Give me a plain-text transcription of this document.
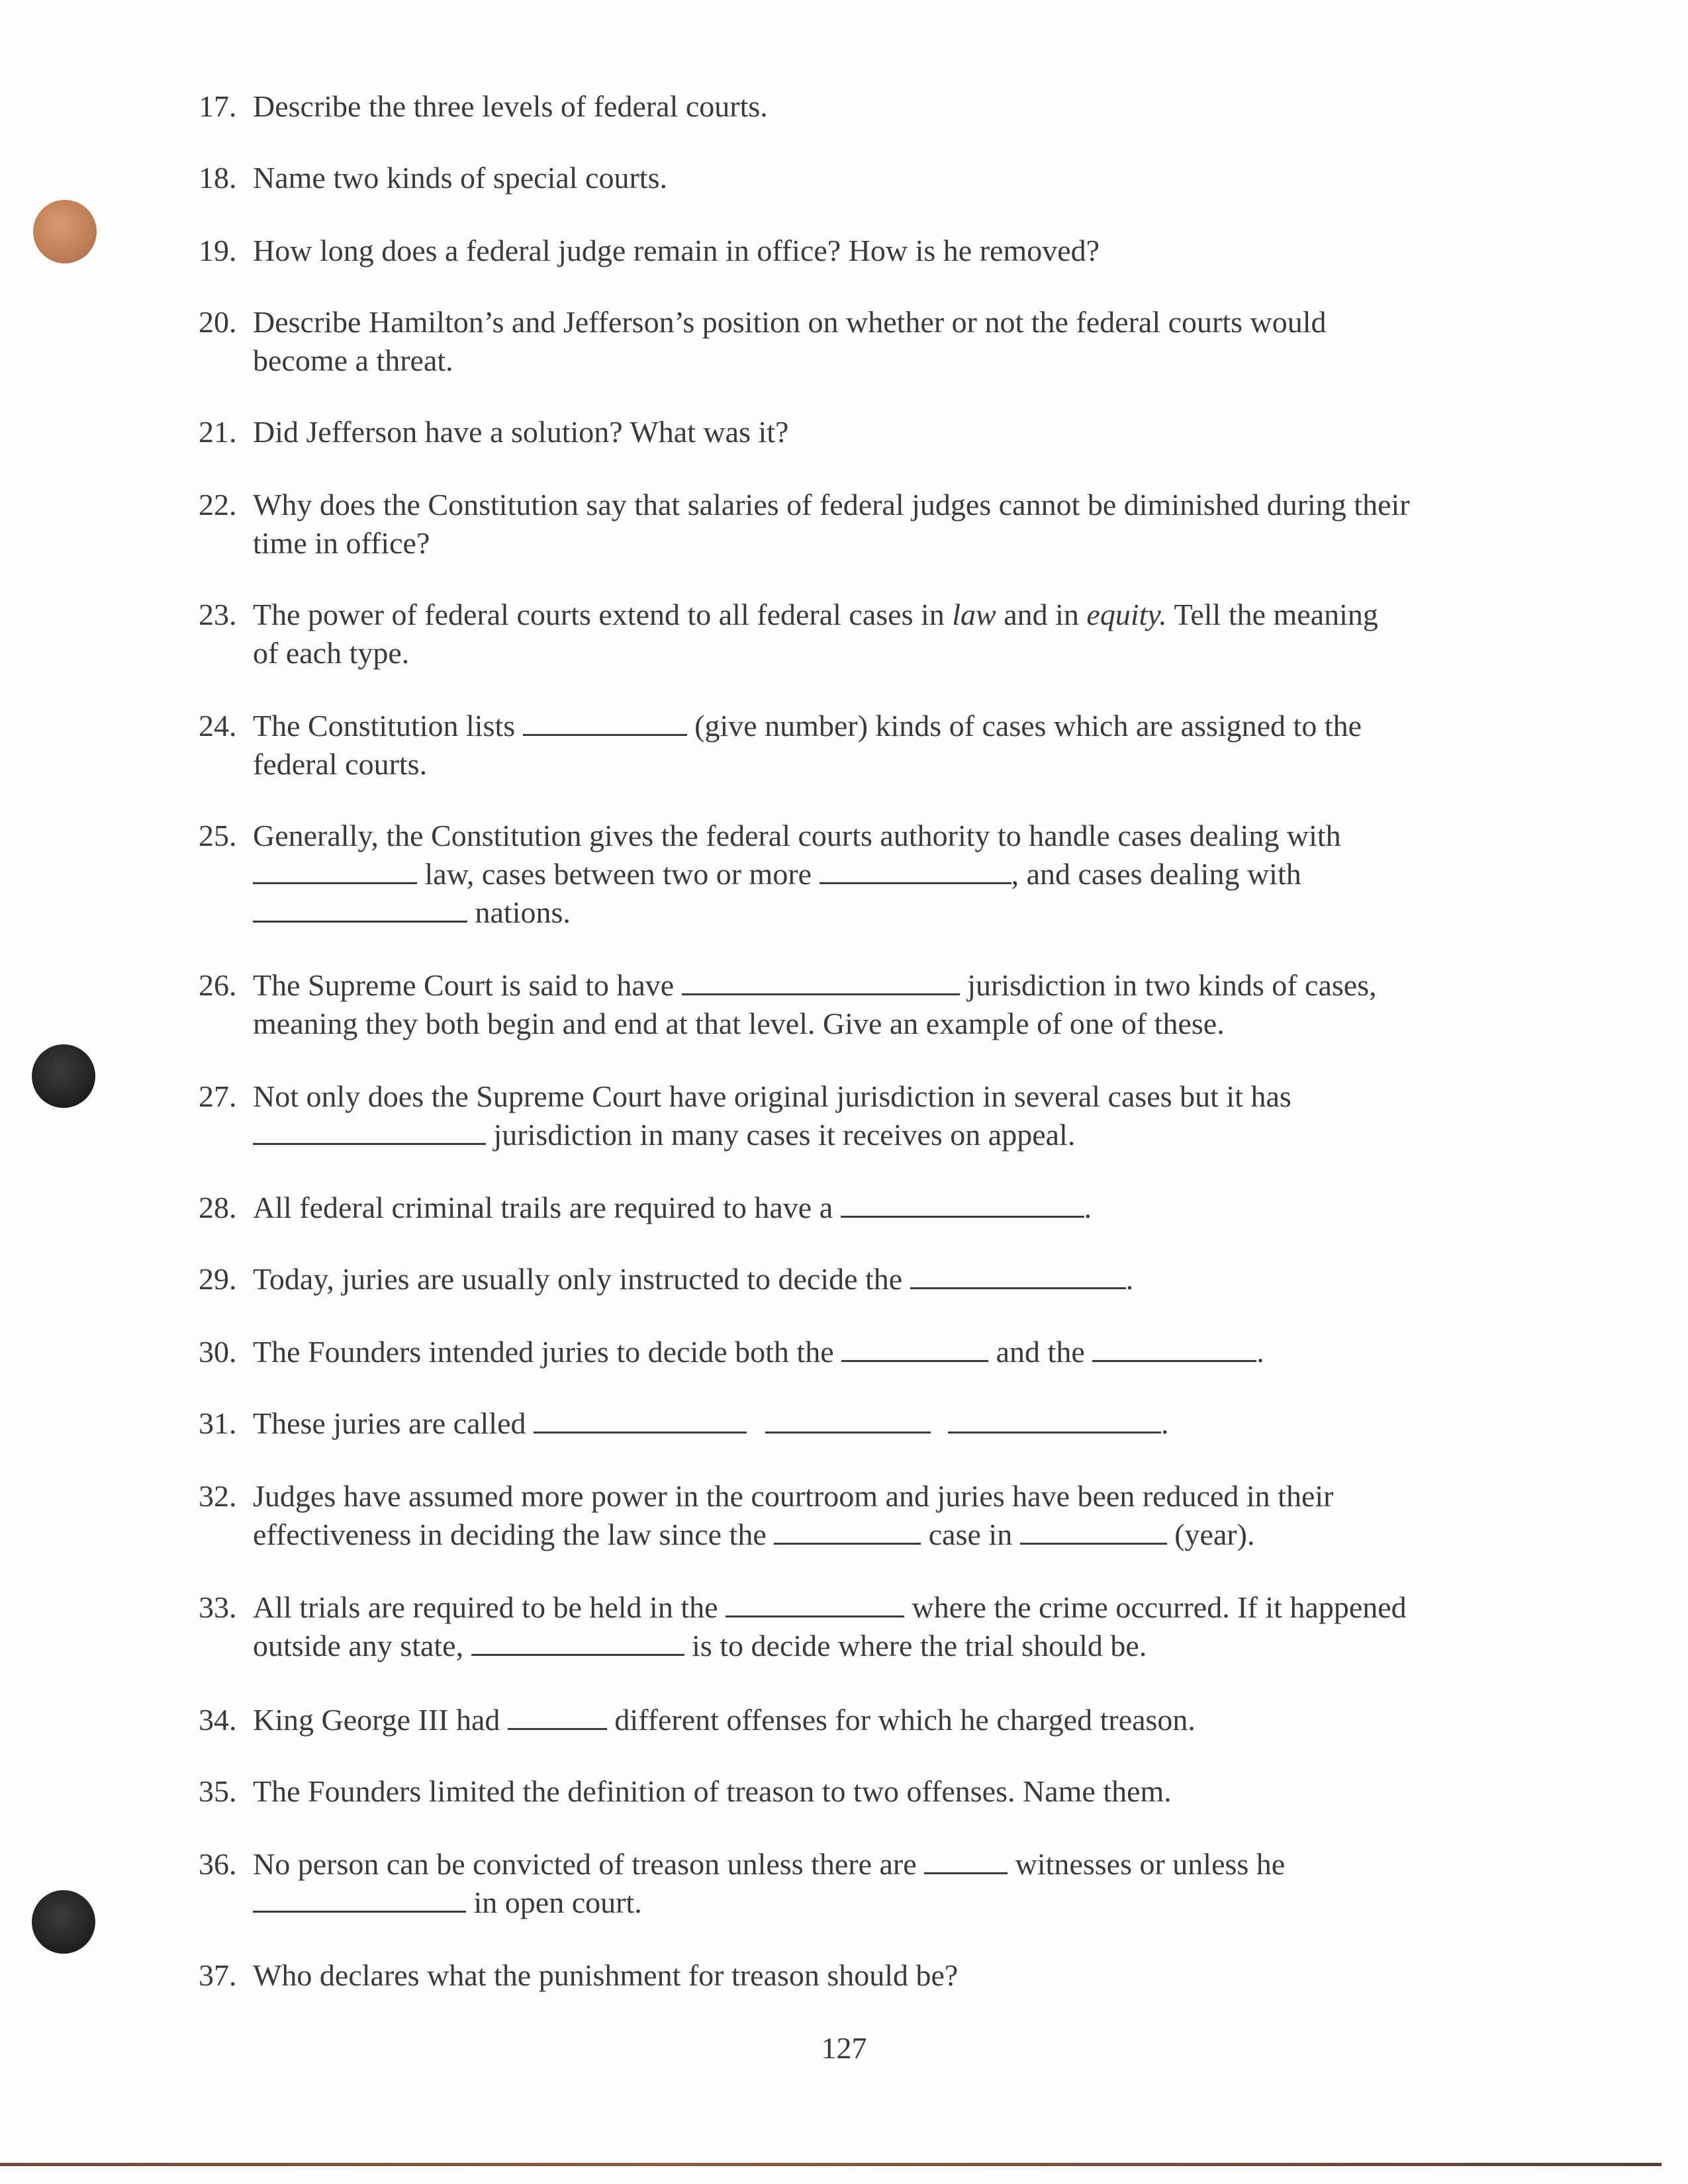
17. Describe the three levels of federal courts.
18. Name two kinds of special courts.
19. How long does a federal judge remain in office? How is he removed?
20. Describe Hamilton’s and Jefferson’s position on whether or not the federal courts would
become a threat.
21. Did Jefferson have a solution? What was it?
22. Why does the Constitution say that salaries of federal judges cannot be diminished during their
time in office?
23. The power of federal courts extend to all federal cases in law and in equity. Tell the meaning
of each type.
24. The Constitution lists	(give number) kinds of cases which are assigned to the
federal courts.
25. Generally, the Constitution gives the federal courts authority to handle cases dealing with
law, cases between two or more	, and cases dealing with
nations.
26. The Supreme Court is said to have	jurisdiction in two kinds of cases,
meaning they both begin and end at that level. Give an example of one of these.
27. Not only does the Supreme Court have original jurisdiction in several cases but it has
jurisdiction in many cases it receives on appeal.
28. All federal criminal trails are required to have a	.
29. Today, juries are usually only instructed to decide the	.
30. The Founders intended juries to decide both the	and the	.
31. These juries are called	.
32. Judges have assumed more power in the courtroom and juries have been reduced in their
effectiveness in deciding the law since the	case in	(year).
33. All trials are required to be held in the	where the crime occurred. If it happened
outside any state,	is to decide where the trial should be.
34. King George III had	different offenses for which he charged treason.
35. The Founders limited the definition of treason to two offenses. Name them.
36. No person can be convicted of treason unless there are	witnesses or unless he
in open court.
37. Who declares what the punishment for treason should be?
127
